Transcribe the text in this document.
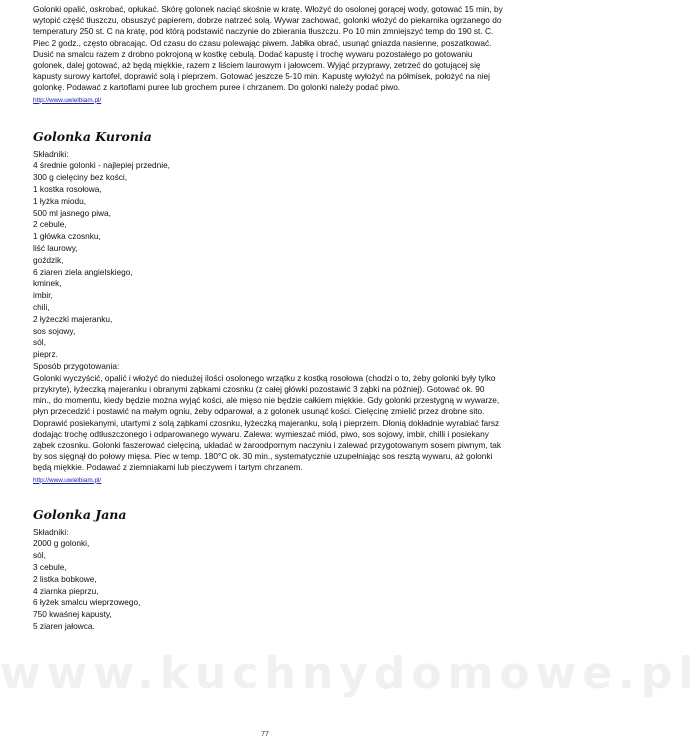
www.kuchnydomowe.pl

Golonki opalić, oskrobać, opłukać. Skórę golonek naciąć skośnie w kratę. Włożyć do osolonej gorącej wody, gotować 15 min, by wytopić część tłuszczu, obsuszyć papierem, dobrze natrzeć solą. Wywar zachować, golonki włożyć do piekarnika ogrzanego do temperatury 250 st. C na kratę, pod którą podstawić naczynie do zbierania tłuszczu. Po 10 min zmniejszyć temp do 190 st. C. Piec 2 godz., często obracając. Od czasu do czasu polewając piwem. Jabłka obrać, usunąć gniazda nasienne, poszatkować. Dusić na smalcu razem z drobno pokrojoną w kostkę cebulą. Dodać kapustę i trochę wywaru pozostałego po gotowaniu golonek, dalej gotować, aż będą miękkie, razem z liściem laurowym i jałowcem. Wyjąć przyprawy, zetrzeć do gotującej się kapusty surowy kartofel, doprawić solą i pieprzem. Gotować jeszcze 5-10 min. Kapustę wyłożyć na półmisek, położyć na niej golonkę. Podawać z kartoflami puree lub grochem puree i chrzanem. Do golonki należy podać piwo.

http://www.uwielbiam.pl/
Golonka Kuronia
Składniki:
4 średnie golonki - najlepiej przednie,
300 g cielęciny bez kości,
1 kostka rosołowa,
1 łyżka miodu,
500 ml jasnego piwa,
2 cebule,
1 główka czosnku,
liść laurowy,
goździk,
6 ziaren ziela angielskiego,
kminek,
imbir,
chili,
2 łyżeczki majeranku,
sos sojowy,
sól,
pieprz.
Sposób przygotowania:

Golonki wyczyścić, opalić i włożyć do niedużej ilości osolonego wrzątku z kostką rosołowa (chodzi o to, żeby golonki były tylko przykryte), łyżeczką majeranku i obranymi ząbkami czosnku (z całej główki pozostawić 3 ząbki na później). Gotować ok. 90 min., do momentu, kiedy będzie można wyjąć kości, ale mięso nie będzie całkiem miękkie. Gdy golonki przestygną w wywarze, płyn przecedzić i postawić na małym ogniu, żeby odparował, a z golonek usunąć kości. Cielęcinę zmielić przez drobne sito. Doprawić posiekanymi, utartymi z solą ząbkami czosnku, łyżeczką majeranku, solą i pieprzem. Dłonią dokładnie wyrabiać farsz dodając trochę odtłuszczonego i odparowanego wywaru. Zalewa: wymieszać miód, piwo, sos sojowy, imbir, chilli i posiekany ząbek czosnku. Golonki faszerować cielęciną, układać w żaroodpornym naczyniu i zalewać przygotowanym sosem piwnym, tak by sos sięgnął do połowy mięsa. Piec w temp. 180°C ok. 30 min., systematycznie uzupełniając sos resztą wywaru, aż golonki będą miękkie. Podawać z ziemniakami lub pieczywem i tartym chrzanem.

http://www.uwielbiam.pl/
Golonka Jana
Składniki:
2000 g golonki,
sól,
3 cebule,
2 listka bobkowe,
4 ziarnka pieprzu,
6 łyżek smalcu wieprzowego,
750 kwaśnej kapusty,
5 ziaren jałowca.
77
